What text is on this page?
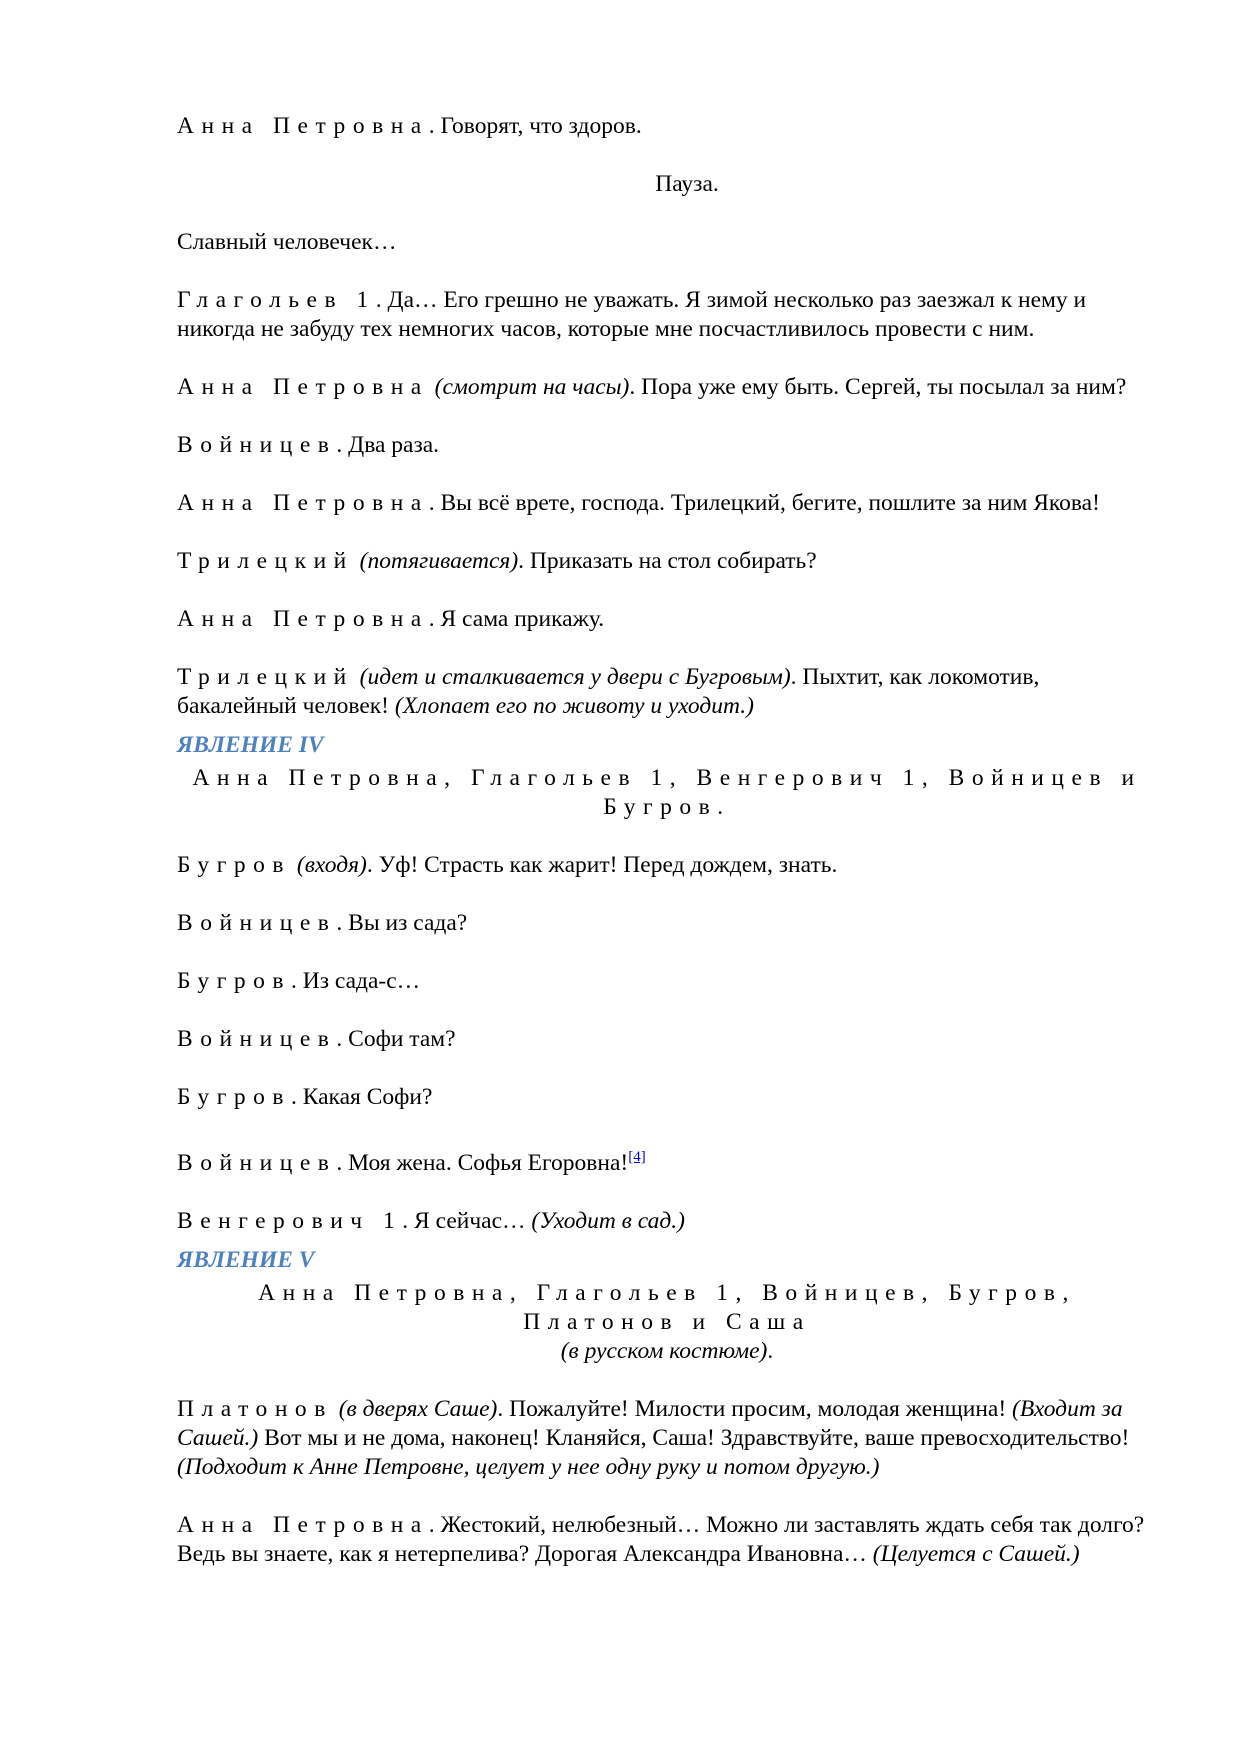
Анна Петровна. Говорят, что здоров.

Пауза.

Славный человечек…

Глагольев 1. Да… Его грешно не уважать. Я зимой несколько раз заезжал к нему и никогда не забуду тех немногих часов, которые мне посчастливилось провести с ним.

Анна Петровна (смотрит на часы). Пора уже ему быть. Сергей, ты посылал за ним?

Войницев. Два раза.

Анна Петровна. Вы всё врете, господа. Трилецкий, бегите, пошлите за ним Якова!

Трилецкий (потягивается). Приказать на стол собирать?

Анна Петровна. Я сама прикажу.

Трилецкий (идет и сталкивается у двери с Бугровым). Пыхтит, как локомотив, бакалейный человек! (Хлопает его по животу и уходит.)

ЯВЛЕНИЕ IV

Анна Петровна, Глагольев 1, Венгерович 1, Войницев и Бугров.

Бугров (входя). Уф! Страсть как жарит! Перед дождем, знать.

Войницев. Вы из сада?

Бугров. Из сада-с…

Войницев. Софи там?

Бугров. Какая Софи?

Войницев. Моя жена. Софья Егоровна![4]

Венгерович 1. Я сейчас… (Уходит в сад.)

ЯВЛЕНИЕ V

Анна Петровна, Глагольев 1, Войницев, Бугров, Платонов и Саша
(в русском костюме).

Платонов (в дверях Саше). Пожалуйте! Милости просим, молодая женщина! (Входит за Сашей.) Вот мы и не дома, наконец! Кланяйся, Саша! Здравствуйте, ваше превосходительство! (Подходит к Анне Петровне, целует у нее одну руку и потом другую.)

Анна Петровна. Жестокий, нелюбезный… Можно ли заставлять ждать себя так долго? Ведь вы знаете, как я нетерпелива? Дорогая Александра Ивановна… (Целуется с Сашей.)
